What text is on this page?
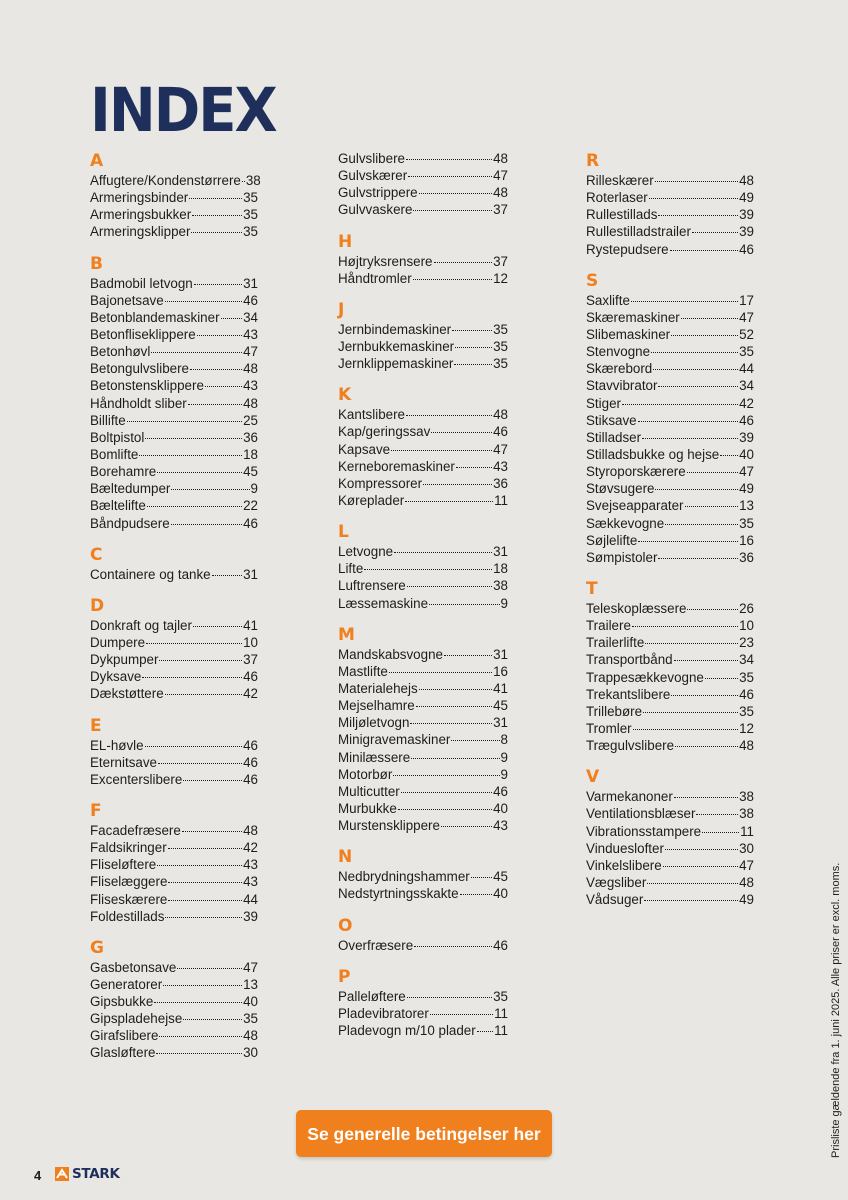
INDEX
A
Affugtere/Kondenstørrere 38
Armeringsbinder	35
Armeringsbukker	35
Armeringsklipper	35
B
Badmobil letvogn	31
Bajonetsave	46
Betonblandemaskiner 34
Betonfliseklippere	43
Betonhøvl	47
Betongulvslibere	48
Betonstensklippere	43
Håndholdt sliber	48
Billifte	25
Boltpistol	36
Bomlifte	18
Borehamre	45
Bæltedumper	9
Bæltelifte	22
Båndpudsere	46
C
Containere og tanke 31
D
Donkraft og tajler	41
Dumpere	10
Dykpumper	37
Dyksave	46
Dækstøttere	42
E
EL-høvle	46
Eternitsave	46
Excenterslibere	46
F
Facadefræsere	48
Faldsikringer	42
Fliseløftere	43
Fliselæggere	43
Fliseskærere	44
Foldestillads	39
G
Gasbetonsave	47
Generatorer	13
Gipsbukke	40
Gipspladehejse	35
Girafslibere	48
Glasløftere	30
Gulvslibere	48
Gulvskærer	47
Gulvstrippere	48
Gulvvaskere	37
H
Højtryksrensere	37
Håndtromler	12
J
Jernbindemaskiner	35
Jernbukkemaskiner	35
Jernklippemaskiner	35
K
Kantslibere	48
Kap/geringssav	46
Kapsave	47
Kerneboremaskiner	43
Kompressorer	36
Køreplader	11
L
Letvogne	31
Lifte	18
Luftrensere	38
Læssemaskine	9
M
Mandskabsvogne	31
Mastlifte	16
Materialehejs	41
Mejselhamre	45
Miljøletvogn	31
Minigravemaskiner	8
Minilæssere	9
Motorbør	9
Multicutter	46
Murbukke	40
Murstensklippere	43
N
Nedbrydningshammer 45
Nedstyrtningsskakte	40
O
Overfræsere	46
P
Palleløftere	35
Pladevibratorer	11
Pladevogn m/10 plader 11
R
Rilleskærer	48
Roterlaser	49
Rullestillads	39
Rullestilladstrailer	39
Rystepudsere	46
S
Saxlifte	17
Skæremaskiner	47
Slibemaskiner	52
Stenvogne	35
Skærebord	44
Stavvibrator	34
Stiger	42
Stiksave	46
Stilladser	39
Stilladsbukke og hejse 40
Styroporskærere	47
Støvsugere	49
Svejseapparater	13
Sækkevogne	35
Søjlelifte	16
Sømpistoler	36
T
Teleskoplæssere	26
Trailere	10
Trailerlifte	23
Transportbånd	34
Trappesækkevogne	35
Trekantslibere	46
Trillebøre	35
Tromler	12
Trægulvslibere	48
V
Varmekanoner	38
Ventilationsblæser	38
Vibrationsstampere	11
Vindueslofter	30
Vinkelslibere	47
Vægsliber	48
Vådsuger	49
Se generelle betingelser her
4 STARK
Prisliste gældende fra 1. juni 2025. Alle priser er excl. moms.
